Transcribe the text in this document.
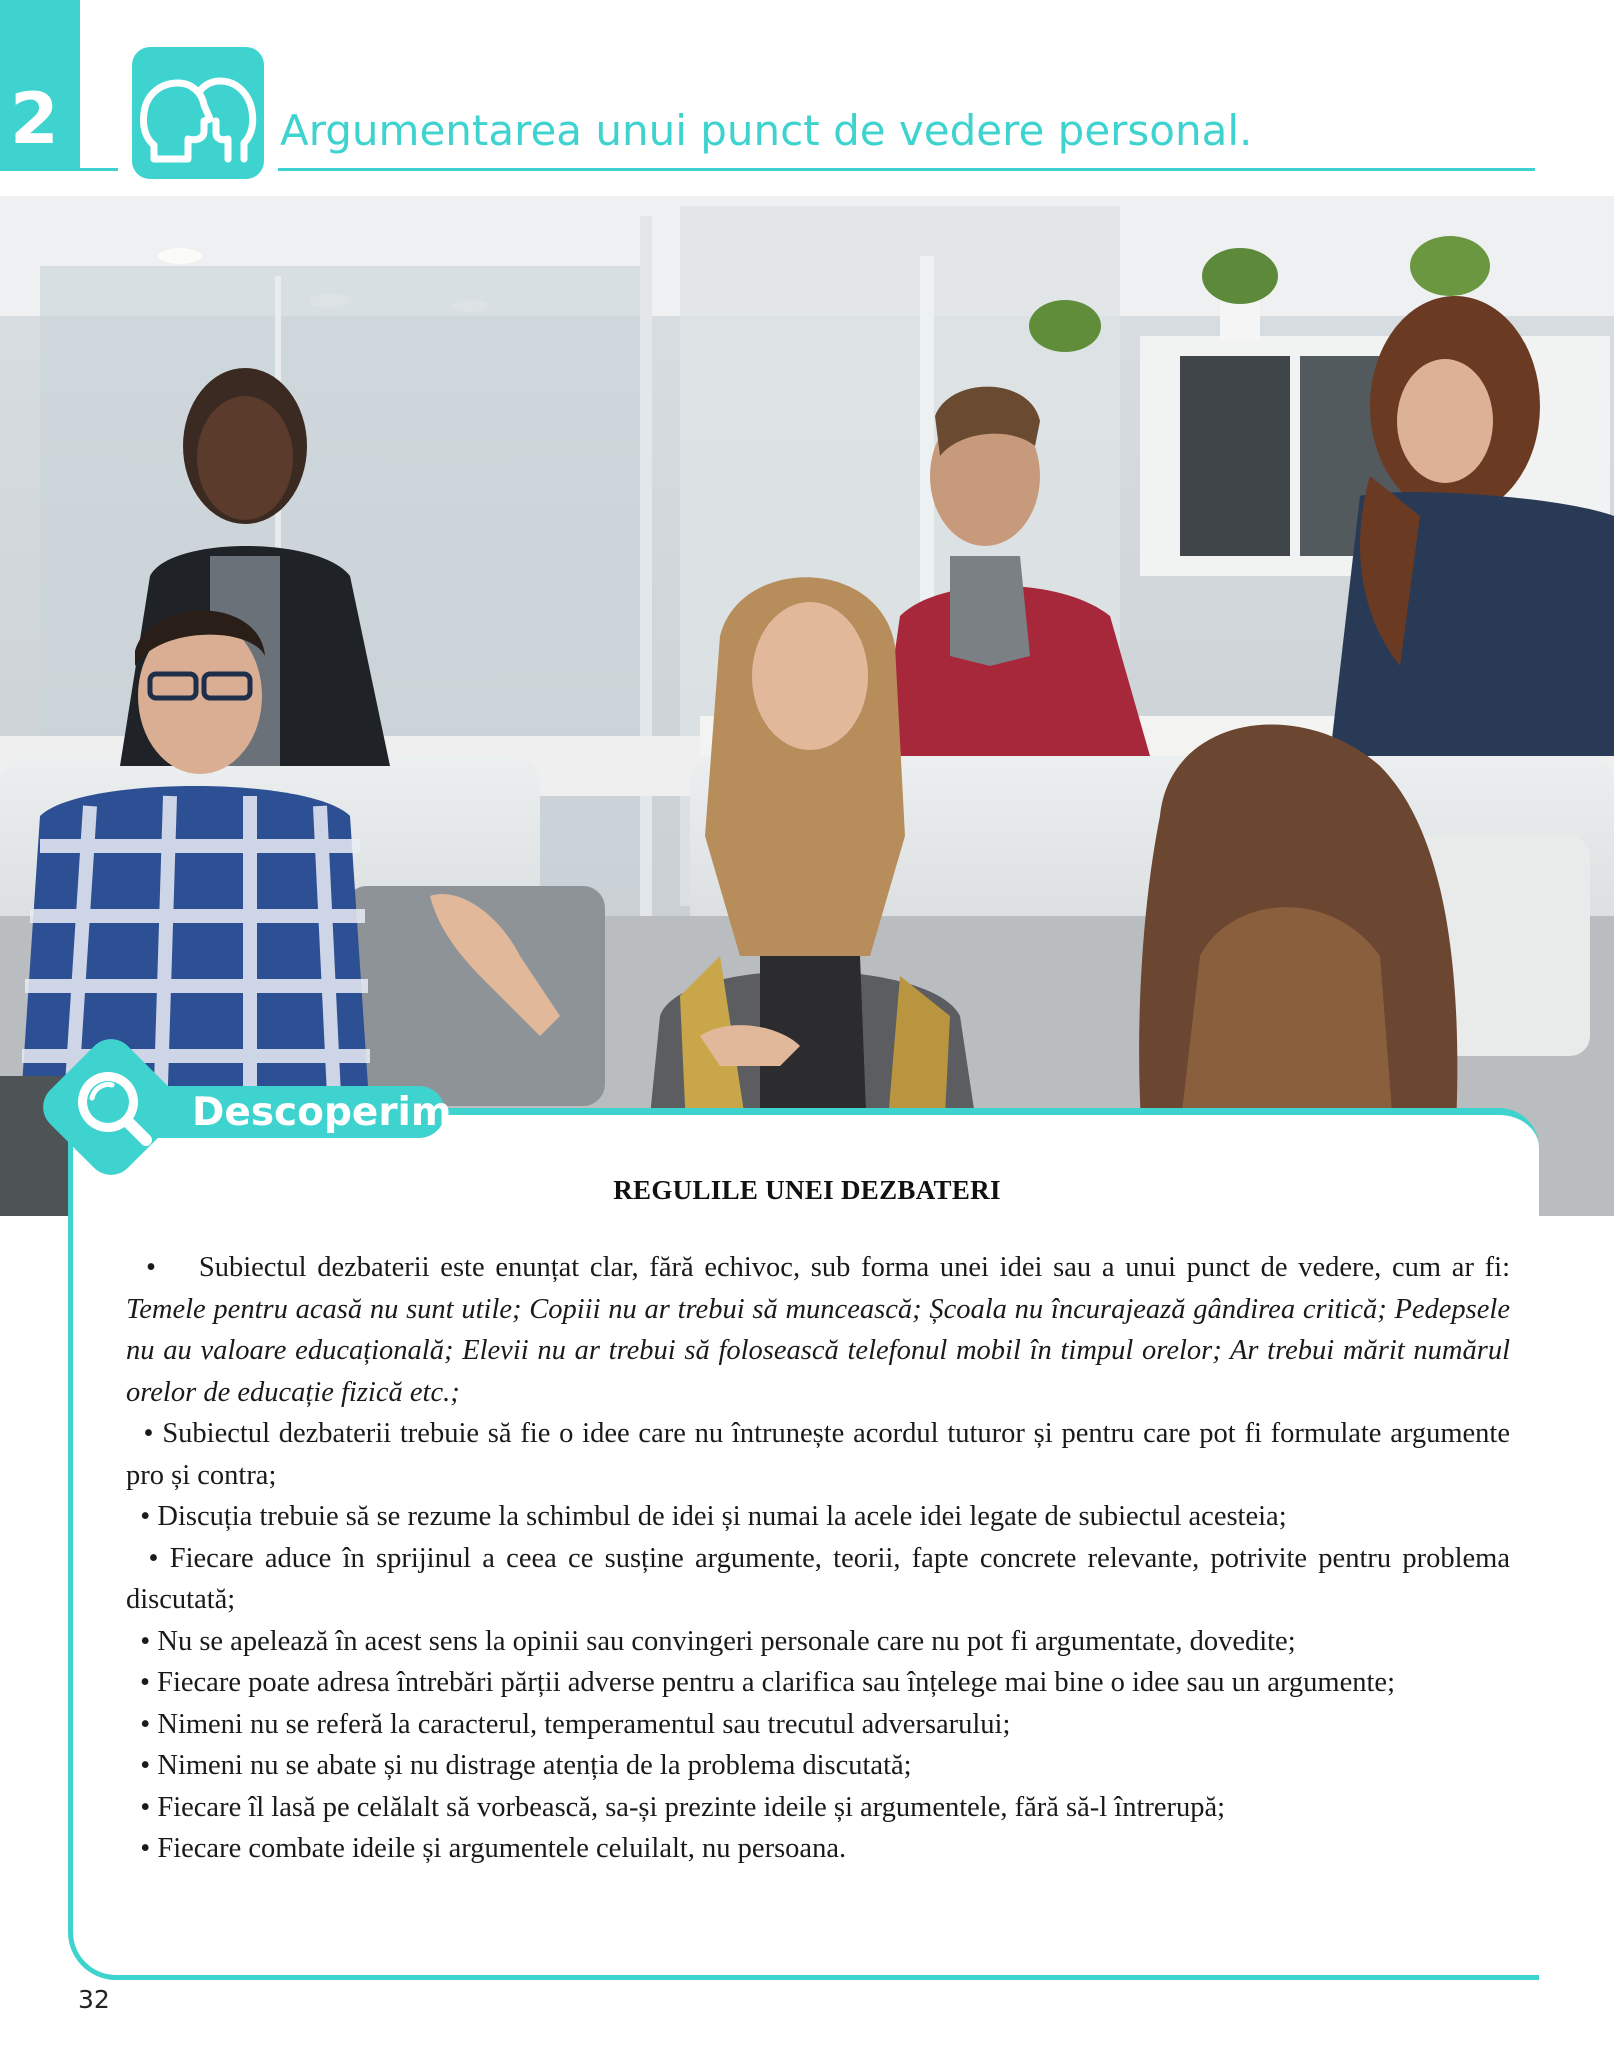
2	Argumentarea unui punct de vedere personal.
Descoperim
REGULILE UNEI DEZBATERI
•    Subiectul dezbaterii este enunțat clar, fără echivoc, sub forma unei idei sau a unui punct de vedere, cum ar fi: Temele pentru acasă nu sunt utile; Copiii nu ar trebui să muncească; Școala nu încurajează gândirea critică; Pedepsele nu au valoare educațională; Elevii nu ar trebui să folosească telefonul mobil în timpul orelor; Ar trebui mărit numărul orelor de educație fizică etc.;
• Subiectul dezbaterii trebuie să fie o idee care nu întrunește acordul tuturor și pentru care pot fi formulate argumente pro și contra;
• Discuția trebuie să se rezume la schimbul de idei și numai la acele idei legate de subiectul acesteia;
• Fiecare aduce în sprijinul a ceea ce susține argumente, teorii, fapte concrete relevante, potrivite pentru problema discutată;
• Nu se apelează în acest sens la opinii sau convingeri personale care nu pot fi argumentate, dovedite;
• Fiecare poate adresa întrebări părții adverse pentru a clarifica sau înțelege mai bine o idee sau un argumente;
• Nimeni nu se referă la caracterul, temperamentul sau trecutul adversarului;
• Nimeni nu se abate și nu distrage atenția de la problema discutată;
• Fiecare îl lasă pe celălalt să vorbească, sa-și prezinte ideile și argumentele, fără să-l întrerupă;
• Fiecare combate ideile și argumentele celuilalt, nu persoana.
32
